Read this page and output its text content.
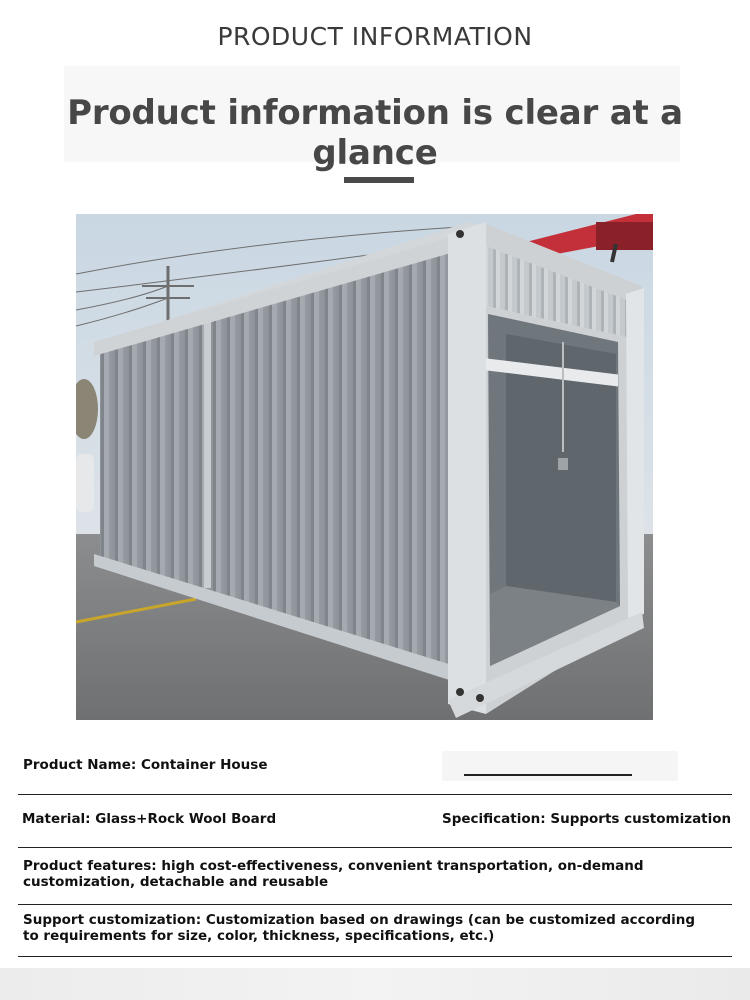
PRODUCT INFORMATION
Product information is clear at a glance
Product Name: Container House
Material: Glass+Rock Wool Board	Specification: Supports customization
Product features: high cost-effectiveness, convenient transportation, on-demand customization, detachable and reusable
Support customization: Customization based on drawings (can be customized according to requirements for size, color, thickness, specifications, etc.)
